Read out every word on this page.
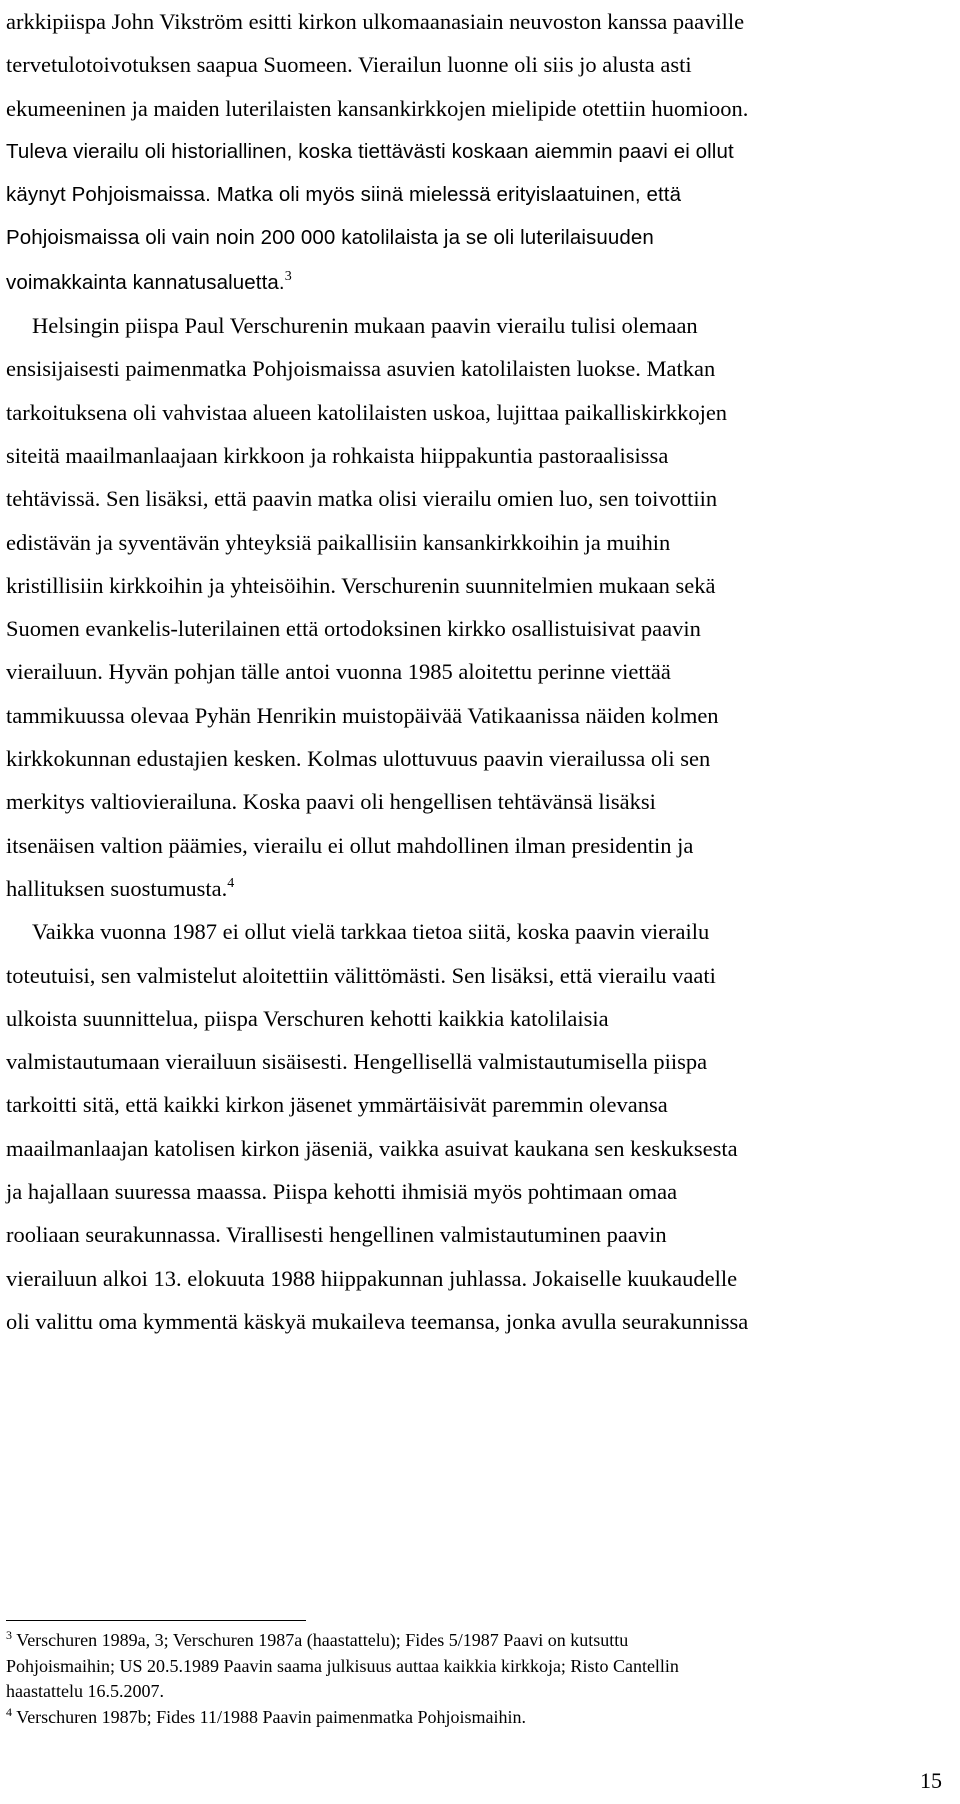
arkkipiispa John Vikström esitti kirkon ulkomaanasiain neuvoston kanssa paaville
tervetulotoivotuksen saapua Suomeen. Vierailun luonne oli siis jo alusta asti
ekumeeninen ja maiden luterilaisten kansankirkkojen mielipide otettiin huomioon.
Tuleva vierailu oli historiallinen, koska tiettävästi koskaan aiemmin paavi ei ollut
käynyt Pohjoismaissa. Matka oli myös siinä mielessä erityislaatuinen, että
Pohjoismaissa oli vain noin 200 000 katolilaista ja se oli luterilaisuuden
voimakkainta kannatusaluetta.$^3$

Helsingin piispa Paul Verschurenin mukaan paavin vierailu tulisi olemaan
ensisijaisesti paimenmatka Pohjoismaissa asuvien katolilaisten luokse. Matkan
tarkoituksena oli vahvistaa alueen katolilaisten uskoa, lujittaa paikalliskirkkojen
siteitä maailmanlaajaan kirkkoon ja rohkaista hiippakuntia pastoraalisissa
tehtävissä. Sen lisäksi, että paavin matka olisi vierailu omien luo, sen toivottiin
edistävän ja syventävän yhteyksiä paikallisiin kansankirkkoihin ja muihin
kristillisiin kirkkoihin ja yhteisöihin. Verschurenin suunnitelmien mukaan sekä
Suomen evankelis-luterilainen että ortodoksinen kirkko osallistuisivat paavin
vierailuun. Hyvän pohjan tälle antoi vuonna 1985 aloitettu perinne viettää
tammikuussa olevaa Pyhän Henrikin muistopäivää Vatikaanissa näiden kolmen
kirkkokunnan edustajien kesken. Kolmas ulottuvuus paavin vierailussa oli sen
merkitys valtiovierailuna. Koska paavi oli hengellisen tehtävänsä lisäksi
itsenäisen valtion päämies, vierailu ei ollut mahdollinen ilman presidentin ja
hallituksen suostumusta.$^4$

Vaikka vuonna 1987 ei ollut vielä tarkkaa tietoa siitä, koska paavin vierailu
toteutuisi, sen valmistelut aloitettiin välittömästi. Sen lisäksi, että vierailu vaati
ulkoista suunnittelua, piispa Verschuren kehotti kaikkia katolilaisia
valmistautumaan vierailuun sisäisesti. Hengellisellä valmistautumisella piispa
tarkoitti sitä, että kaikki kirkon jäsenet ymmärtäisivät paremmin olevansa
maailmanlaajan katolisen kirkon jäseniä, vaikka asuivat kaukana sen keskuksesta
ja hajallaan suuressa maassa. Piispa kehotti ihmisiä myös pohtimaan omaa
rooliaan seurakunnassa. Virallisesti hengellinen valmistautuminen paavin
vierailuun alkoi 13. elokuuta 1988 hiippakunnan juhlassa. Jokaiselle kuukaudelle
oli valittu oma kymmentä käskyä mukaileva teemansa, jonka avulla seurakunnissa

$^3$ Verschuren 1989a, 3; Verschuren 1987a (haastattelu); Fides 5/1987 Paavi on kutsuttu
Pohjoismaihin; US 20.5.1989 Paavin saama julkisuus auttaa kaikkia kirkkoja; Risto Cantellin
haastattelu 16.5.2007.

$^4$ Verschuren 1987b; Fides 11/1988 Paavin paimenmatka Pohjoismaihin.

15
